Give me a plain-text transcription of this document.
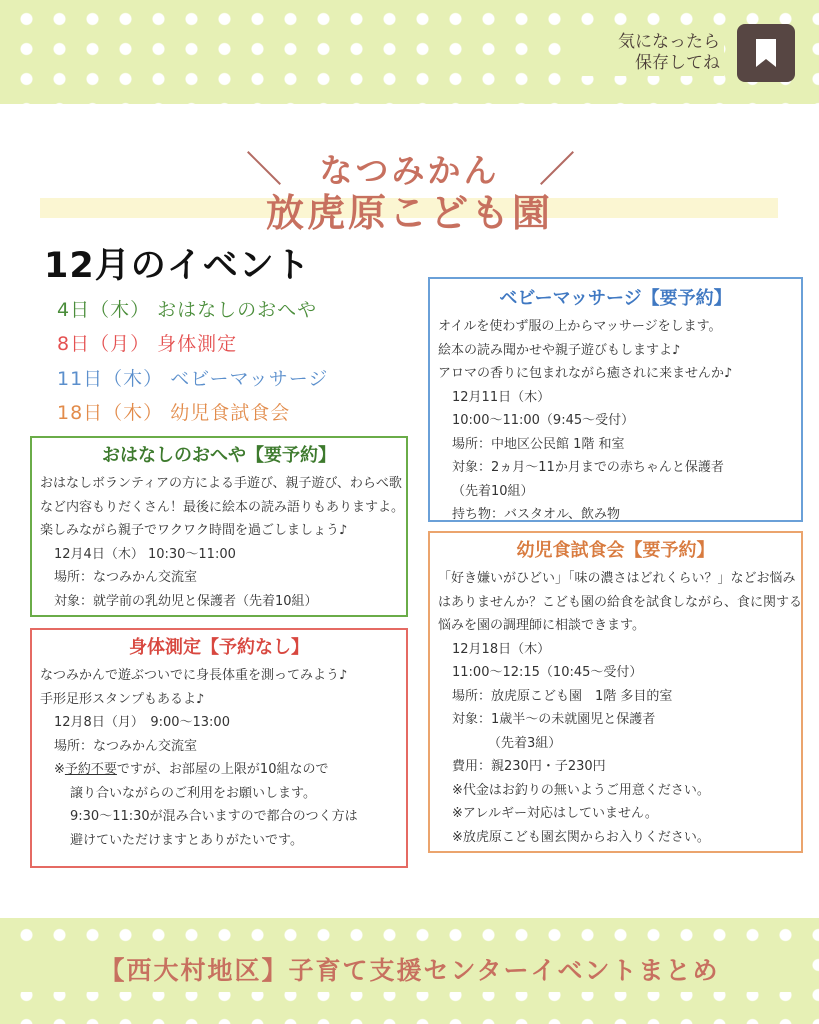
気になったら
保存してね
なつみかん
放虎原こども園
12月のイベント
4日（木） おはなしのおへや
8日（月） 身体測定
11日（木） ベビーマッサージ
18日（木） 幼児食試食会
おはなしのおへや【要予約】

おはなしボランティアの方による手遊び、親子遊び、わらべ歌

など内容もりだくさん！最後に絵本の読み語りもありますよ。

楽しみながら親子でワクワク時間を過ごしましょう♪

12月4日（木） 10:30～11:00

場所：なつみかん交流室

対象：就学前の乳幼児と保護者（先着10組）

身体測定【予約なし】

なつみかんで遊ぶついでに身長体重を測ってみよう♪

手形足形スタンプもあるよ♪

12月8日（月）　9:00～13:00

場所：なつみかん交流室

※予約不要ですが、お部屋の上限が10組なので

譲り合いながらのご利用をお願いします。

9:30～11:30が混み合いますので都合のつく方は

避けていただけますとありがたいです。

ベビーマッサージ【要予約】

オイルを使わず服の上からマッサージをします。

絵本の読み聞かせや親子遊びもしますよ♪

アロマの香りに包まれながら癒されに来ませんか♪

12月11日（木）

10:00～11:00（9:45～受付）

場所：中地区公民館 1階 和室

対象：2ヵ月～11か月までの赤ちゃんと保護者

（先着10組）

持ち物：バスタオル、飲み物

幼児食試食会【要予約】

「好き嫌いがひどい」「味の濃さはどれくらい？」などお悩み

はありませんか？こども園の給食を試食しながら、食に関する

悩みを園の調理師に相談できます。

12月18日（木）

11:00～12:15（10:45～受付）

場所：放虎原こども園　1階 多目的室

対象：1歳半～の未就園児と保護者

（先着3組）

費用：親230円・子230円

※代金はお釣りの無いようご用意ください。

※アレルギー対応はしていません。

※放虎原こども園玄関からお入りください。

【西大村地区】子育て支援センターイベントまとめ
